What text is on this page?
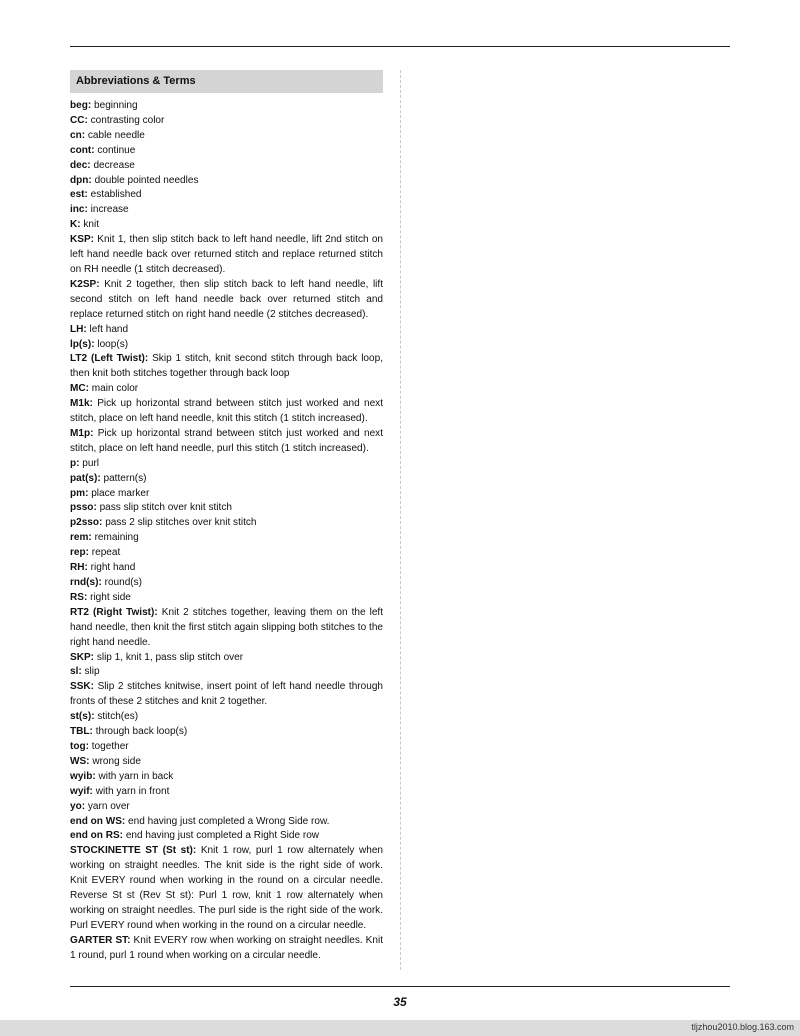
Abbreviations & Terms
beg: beginning
CC: contrasting color
cn: cable needle
cont: continue
dec: decrease
dpn: double pointed needles
est: established
inc: increase
K: knit
KSP: Knit 1, then slip stitch back to left hand needle, lift 2nd stitch on left hand needle back over returned stitch and replace returned stitch on RH needle (1 stitch decreased).
K2SP: Knit 2 together, then slip stitch back to left hand needle, lift second stitch on left hand needle back over returned stitch and replace returned stitch on right hand needle (2 stitches decreased).
LH: left hand
lp(s): loop(s)
LT2 (Left Twist): Skip 1 stitch, knit second stitch through back loop, then knit both stitches together through back loop
MC: main color
M1k: Pick up horizontal strand between stitch just worked and next stitch, place on left hand needle, knit this stitch (1 stitch increased).
M1p: Pick up horizontal strand between stitch just worked and next stitch, place on left hand needle, purl this stitch (1 stitch increased).
p: purl
pat(s): pattern(s)
pm: place marker
psso: pass slip stitch over knit stitch
p2sso: pass 2 slip stitches over knit stitch
rem: remaining
rep: repeat
RH: right hand
rnd(s): round(s)
RS: right side
RT2 (Right Twist): Knit 2 stitches together, leaving them on the left hand needle, then knit the first stitch again slipping both stitches to the right hand needle.
SKP: slip 1, knit 1, pass slip stitch over
sl: slip
SSK: Slip 2 stitches knitwise, insert point of left hand needle through fronts of these 2 stitches and knit 2 together.
st(s): stitch(es)
TBL: through back loop(s)
tog: together
WS: wrong side
wyib: with yarn in back
wyif: with yarn in front
yo: yarn over
end on WS: end having just completed a Wrong Side row.
end on RS: end having just completed a Right Side row
STOCKINETTE ST (St st): Knit 1 row, purl 1 row alternately when working on straight needles. The knit side is the right side of work. Knit EVERY round when working in the round on a circular needle. Reverse St st (Rev St st): Purl 1 row, knit 1 row alternately when working on straight needles. The purl side is the right side of the work. Purl EVERY round when working in the round on a circular needle.
GARTER ST: Knit EVERY row when working on straight needles. Knit 1 round, purl 1 round when working on a circular needle.
35
tljzhou2010.blog.163.com
